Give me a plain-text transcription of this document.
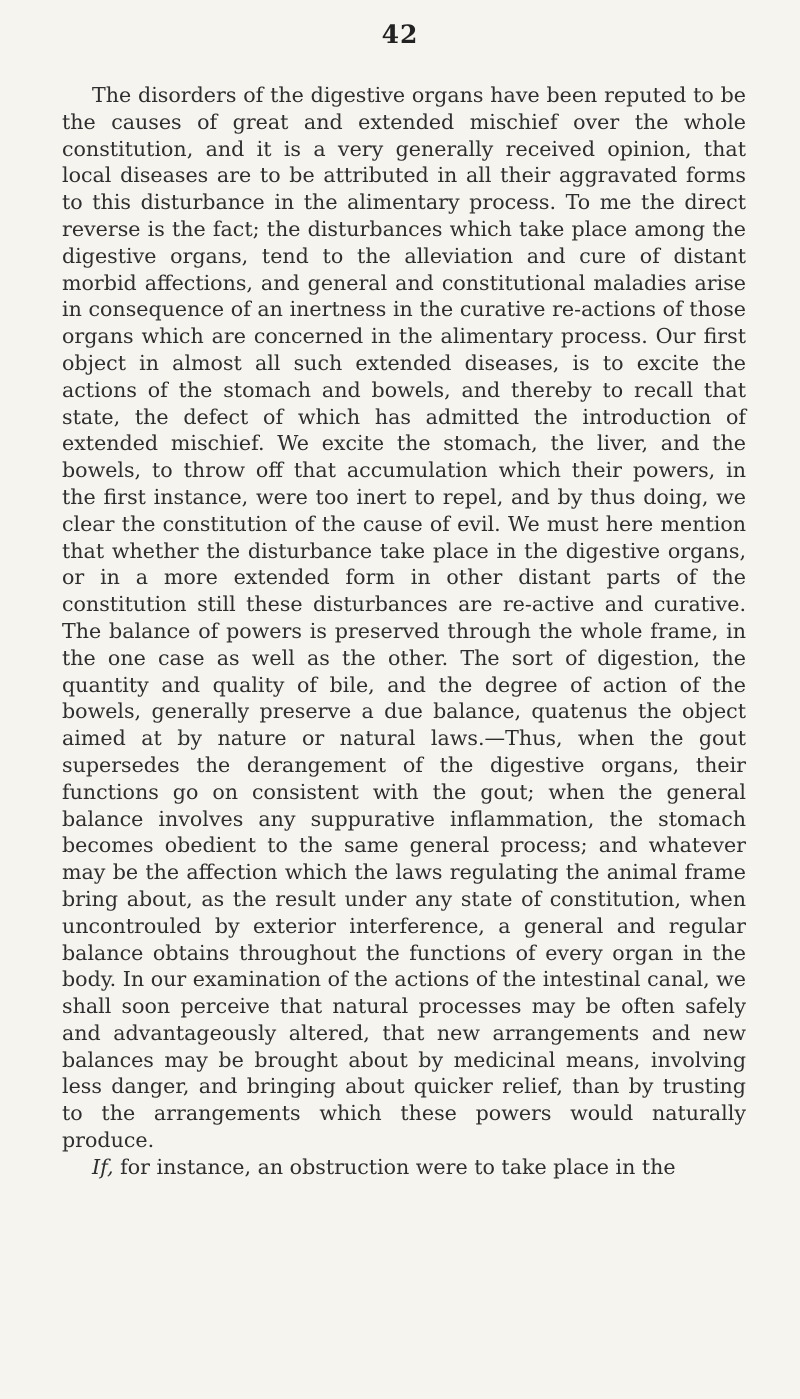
42

The disorders of the digestive organs have been reputed to be the causes of great and extended mischief over the whole constitution, and it is a very generally received opinion, that local diseases are to be attributed in all their aggravated forms to this disturbance in the alimentary process. To me the direct reverse is the fact; the disturbances which take place among the digestive organs, tend to the alleviation and cure of distant morbid affections, and general and constitutional maladies arise in consequence of an inertness in the curative re-actions of those organs which are concerned in the alimentary process. Our first object in almost all such extended diseases, is to excite the actions of the stomach and bowels, and thereby to recall that state, the defect of which has admitted the introduction of extended mischief. We excite the stomach, the liver, and the bowels, to throw off that accumulation which their powers, in the first instance, were too inert to repel, and by thus doing, we clear the constitution of the cause of evil. We must here mention that whether the disturbance take place in the digestive organs, or in a more extended form in other distant parts of the constitution still these disturbances are re-active and curative. The balance of powers is preserved through the whole frame, in the one case as well as the other. The sort of digestion, the quantity and quality of bile, and the degree of action of the bowels, generally preserve a due balance, quatenus the object aimed at by nature or natural laws.—Thus, when the gout supersedes the derangement of the digestive organs, their functions go on consistent with the gout; when the general balance involves any suppurative inflammation, the stomach becomes obedient to the same general process; and whatever may be the affection which the laws regulating the animal frame bring about, as the result under any state of constitution, when uncontrouled by exterior interference, a general and regular balance obtains throughout the functions of every organ in the body. In our examination of the actions of the intestinal canal, we shall soon perceive that natural processes may be often safely and advantageously altered, that new arrangements and new balances may be brought about by medicinal means, involving less danger, and bringing about quicker relief, than by trusting to the arrangements which these powers would naturally produce.

If, for instance, an obstruction were to take place in the
